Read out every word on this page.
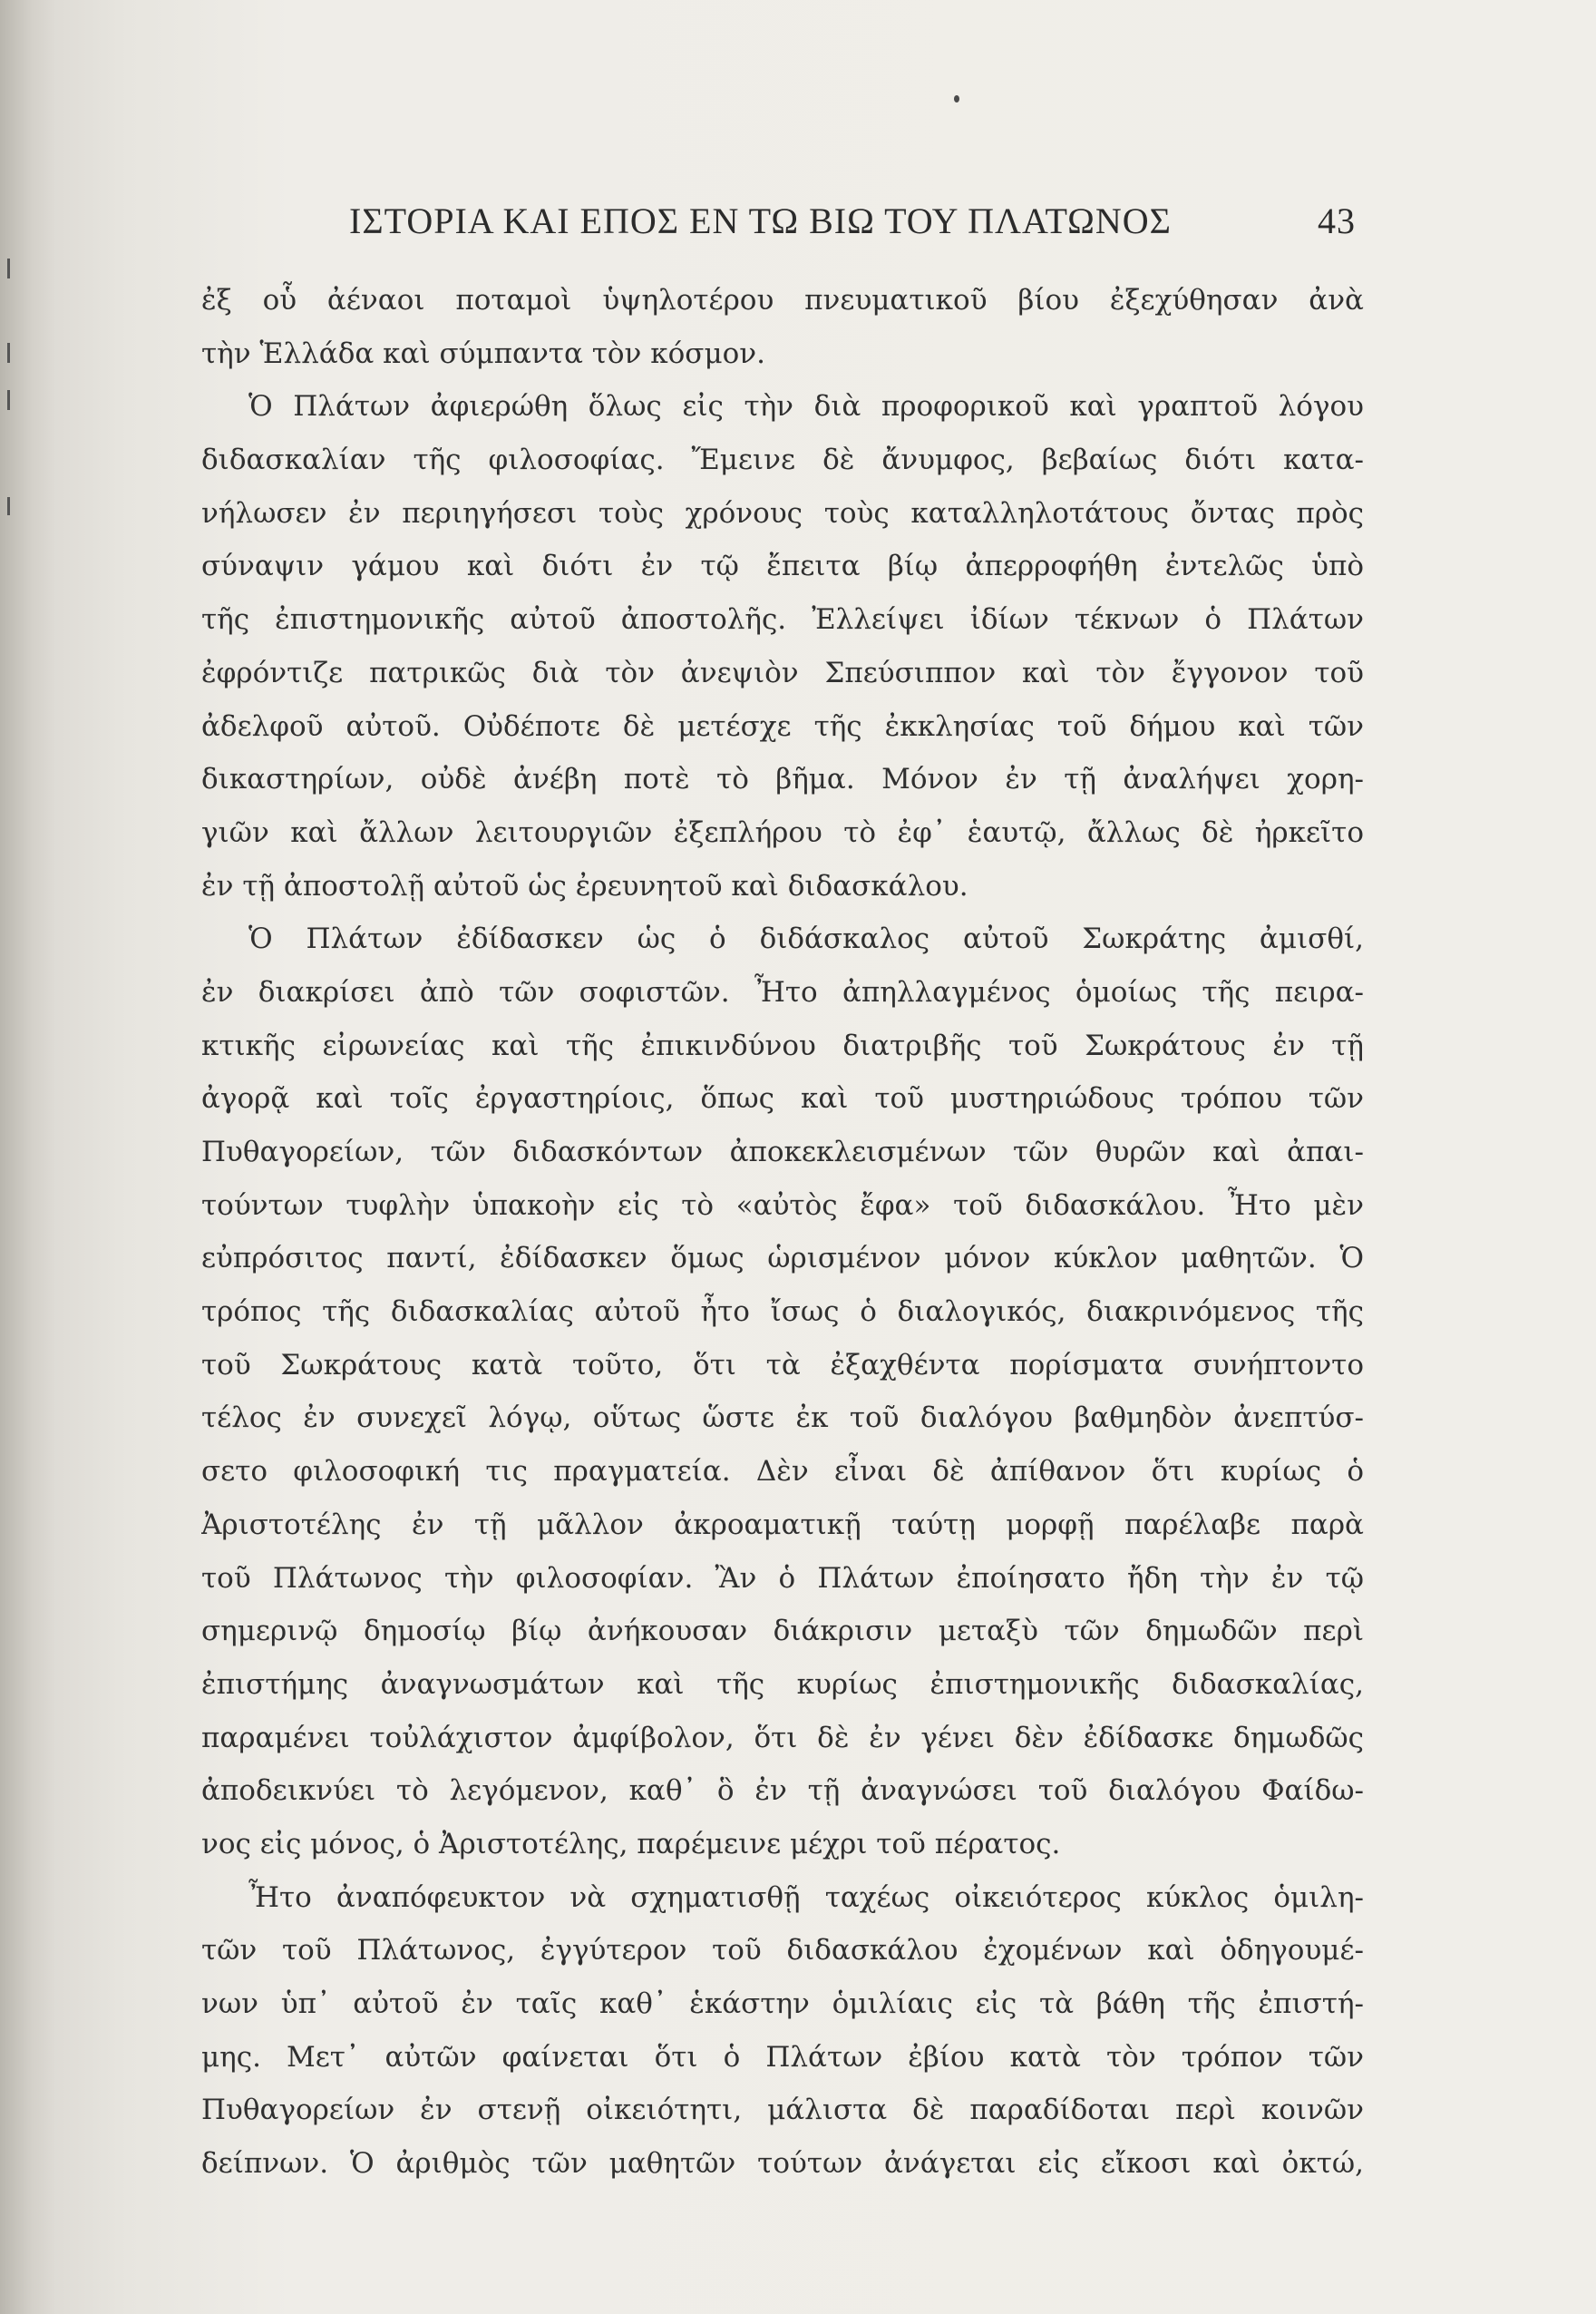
ΙΣΤΟΡΙΑ ΚΑΙ ΕΠΟΣ ΕΝ ΤΩ ΒΙΩ ΤΟΥ ΠΛΑΤΩΝΟΣ	43
ἐξ οὗ ἀέναοι ποταμοὶ ὑψηλοτέρου πνευματικοῦ βίου ἐξεχύθησαν ἀνὰ
τὴν Ἑλλάδα καὶ σύμπαντα τὸν κόσμον.
Ὁ Πλάτων ἀφιερώθη ὅλως εἰς τὴν διὰ προφορικοῦ καὶ γραπτοῦ λόγου
διδασκαλίαν τῆς φιλοσοφίας. Ἔμεινε δὲ ἄνυμφος, βεβαίως διότι κατα-
νήλωσεν ἐν περιηγήσεσι τοὺς χρόνους τοὺς καταλληλοτάτους ὄντας πρὸς
σύναψιν γάμου καὶ διότι ἐν τῷ ἔπειτα βίῳ ἀπερροφήθη ἐντελῶς ὑπὸ
τῆς ἐπιστημονικῆς αὐτοῦ ἀποστολῆς. Ἐλλείψει ἰδίων τέκνων ὁ Πλάτων
ἐφρόντιζε πατρικῶς διὰ τὸν ἀνεψιὸν Σπεύσιππον καὶ τὸν ἔγγονον τοῦ
ἀδελφοῦ αὐτοῦ. Οὐδέποτε δὲ μετέσχε τῆς ἐκκλησίας τοῦ δήμου καὶ τῶν
δικαστηρίων, οὐδὲ ἀνέβη ποτὲ τὸ βῆμα. Μόνον ἐν τῇ ἀναλήψει χορη-
γιῶν καὶ ἄλλων λειτουργιῶν ἐξεπλήρου τὸ ἐφ᾽ ἑαυτῷ, ἄλλως δὲ ἠρκεῖτο
ἐν τῇ ἀποστολῇ αὐτοῦ ὡς ἐρευνητοῦ καὶ διδασκάλου.
Ὁ Πλάτων ἐδίδασκεν ὡς ὁ διδάσκαλος αὐτοῦ Σωκράτης ἀμισθί,
ἐν διακρίσει ἀπὸ τῶν σοφιστῶν. Ἦτο ἀπηλλαγμένος ὁμοίως τῆς πειρα-
κτικῆς εἰρωνείας καὶ τῆς ἐπικινδύνου διατριβῆς τοῦ Σωκράτους ἐν τῇ
ἀγορᾷ καὶ τοῖς ἐργαστηρίοις, ὅπως καὶ τοῦ μυστηριώδους τρόπου τῶν
Πυθαγορείων, τῶν διδασκόντων ἀποκεκλεισμένων τῶν θυρῶν καὶ ἀπαι-
τούντων τυφλὴν ὑπακοὴν εἰς τὸ «αὐτὸς ἔφα» τοῦ διδασκάλου. Ἦτο μὲν
εὐπρόσιτος παντί, ἐδίδασκεν ὅμως ὡρισμένον μόνον κύκλον μαθητῶν. Ὁ
τρόπος τῆς διδασκαλίας αὐτοῦ ἦτο ἴσως ὁ διαλογικός, διακρινόμενος τῆς
τοῦ Σωκράτους κατὰ τοῦτο, ὅτι τὰ ἐξαχθέντα πορίσματα συνήπτοντο
τέλος ἐν συνεχεῖ λόγῳ, οὕτως ὥστε ἐκ τοῦ διαλόγου βαθμηδὸν ἀνεπτύσ-
σετο φιλοσοφική τις πραγματεία. Δὲν εἶναι δὲ ἀπίθανον ὅτι κυρίως ὁ
Ἀριστοτέλης ἐν τῇ μᾶλλον ἀκροαματικῇ ταύτῃ μορφῇ παρέλαβε παρὰ
τοῦ Πλάτωνος τὴν φιλοσοφίαν. Ἂν ὁ Πλάτων ἐποίησατο ἤδη τὴν ἐν τῷ
σημερινῷ δημοσίῳ βίῳ ἀνήκουσαν διάκρισιν μεταξὺ τῶν δημωδῶν περὶ
ἐπιστήμης ἀναγνωσμάτων καὶ τῆς κυρίως ἐπιστημονικῆς διδασκαλίας,
παραμένει τοὐλάχιστον ἀμφίβολον, ὅτι δὲ ἐν γένει δὲν ἐδίδασκε δημωδῶς
ἀποδεικνύει τὸ λεγόμενον, καθ᾽ ὃ ἐν τῇ ἀναγνώσει τοῦ διαλόγου Φαίδω-
νος εἰς μόνος, ὁ Ἀριστοτέλης, παρέμεινε μέχρι τοῦ πέρατος.
Ἦτο ἀναπόφευκτον νὰ σχηματισθῇ ταχέως οἰκειότερος κύκλος ὁμιλη-
τῶν τοῦ Πλάτωνος, ἐγγύτερον τοῦ διδασκάλου ἐχομένων καὶ ὁδηγουμέ-
νων ὑπ᾽ αὐτοῦ ἐν ταῖς καθ᾽ ἑκάστην ὁμιλίαις εἰς τὰ βάθη τῆς ἐπιστή-
μης. Μετ᾽ αὐτῶν φαίνεται ὅτι ὁ Πλάτων ἐβίου κατὰ τὸν τρόπον τῶν
Πυθαγορείων ἐν στενῇ οἰκειότητι, μάλιστα δὲ παραδίδοται περὶ κοινῶν
δείπνων. Ὁ ἀριθμὸς τῶν μαθητῶν τούτων ἀνάγεται εἰς εἴκοσι καὶ ὀκτώ,
